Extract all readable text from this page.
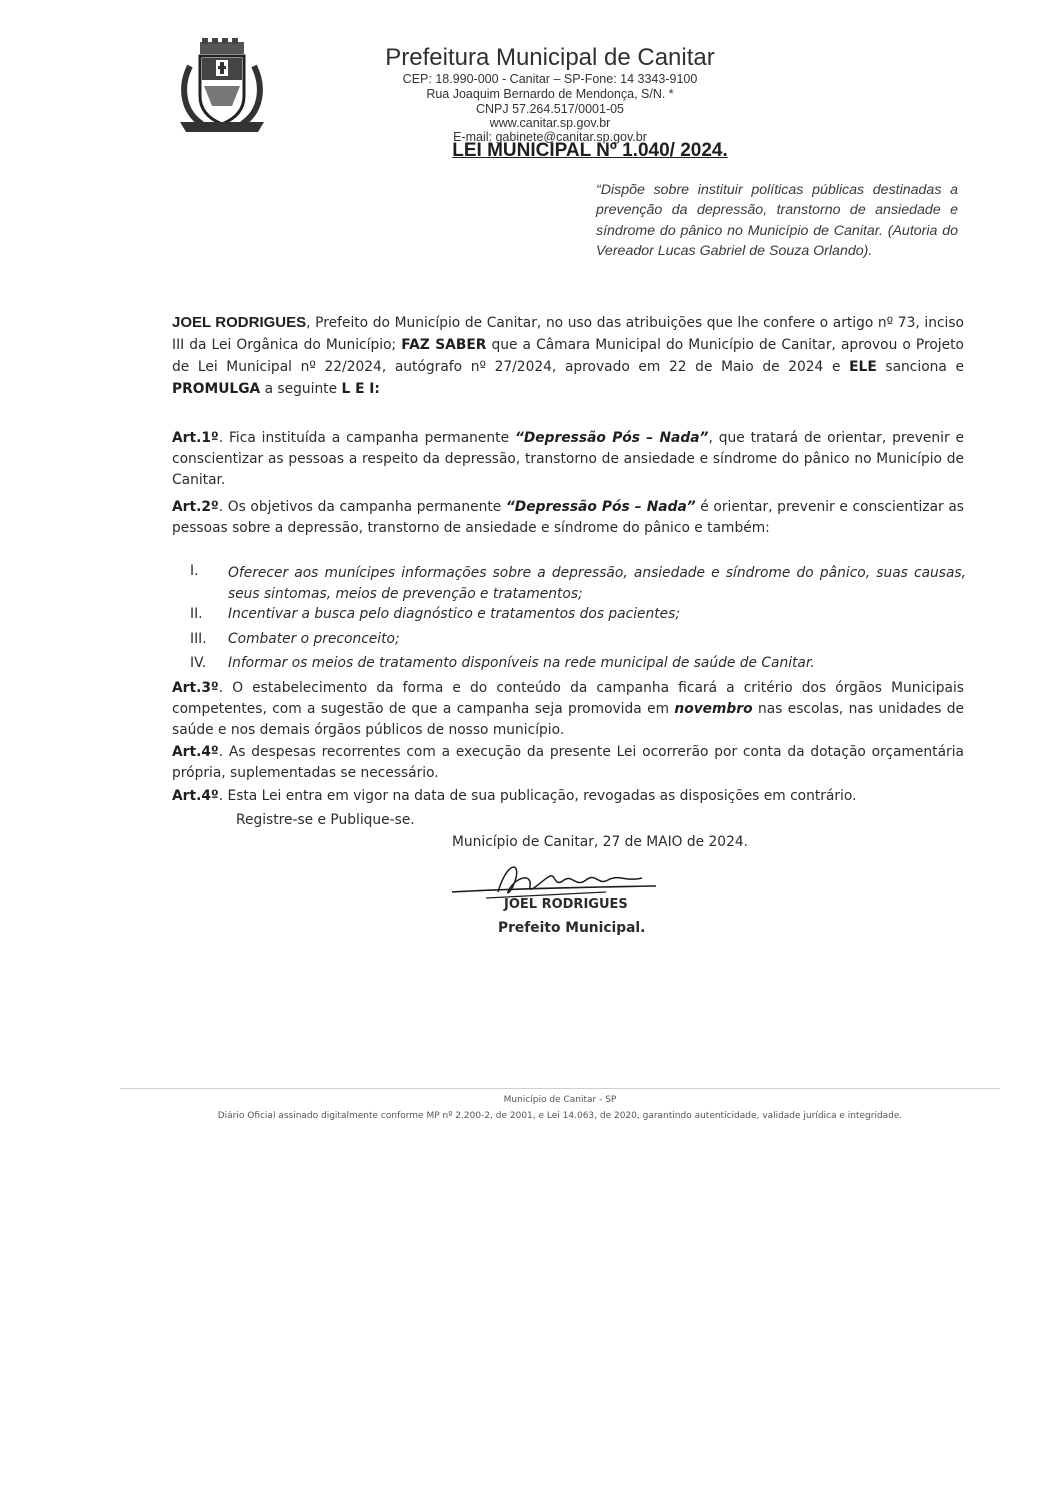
Prefeitura Municipal de Canitar
CEP: 18.990-000 - Canitar – SP-Fone: 14 3343-9100
Rua Joaquim Bernardo de Mendonça, S/N. *
CNPJ 57.264.517/0001-05
www.canitar.sp.gov.br
E-mail: gabinete@canitar.sp.gov.br
LEI MUNICIPAL Nº 1.040/ 2024.
“Dispõe sobre instituir políticas públicas destinadas a prevenção da depressão, transtorno de ansiedade e síndrome do pânico no Município de Canitar. (Autoria do Vereador Lucas Gabriel de Souza Orlando).
JOEL RODRIGUES, Prefeito do Município de Canitar, no uso das atribuições que lhe confere o artigo nº 73, inciso III da Lei Orgânica do Município; FAZ SABER que a Câmara Municipal do Município de Canitar, aprovou o Projeto de Lei Municipal nº 22/2024, autógrafo nº 27/2024, aprovado em 22 de Maio de 2024 e ELE sanciona e PROMULGA a seguinte L E I:
Art.1º. Fica instituída a campanha permanente “Depressão Pós – Nada”, que tratará de orientar, prevenir e conscientizar as pessoas a respeito da depressão, transtorno de ansiedade e síndrome do pânico no Município de Canitar.
Art.2º. Os objetivos da campanha permanente “Depressão Pós – Nada” é orientar, prevenir e conscientizar as pessoas sobre a depressão, transtorno de ansiedade e síndrome do pânico e também:
I. Oferecer aos munícipes informações sobre a depressão, ansiedade e síndrome do pânico, suas causas, seus sintomas, meios de prevenção e tratamentos;
II. Incentivar a busca pelo diagnóstico e tratamentos dos pacientes;
III. Combater o preconceito;
IV. Informar os meios de tratamento disponíveis na rede municipal de saúde de Canitar.
Art.3º. O estabelecimento da forma e do conteúdo da campanha ficará a critério dos órgãos Municipais competentes, com a sugestão de que a campanha seja promovida em novembro nas escolas, nas unidades de saúde e nos demais órgãos públicos de nosso município.
Art.4º. As despesas recorrentes com a execução da presente Lei ocorrerão por conta da dotação orçamentária própria, suplementadas se necessário.
Art.4º. Esta Lei entra em vigor na data de sua publicação, revogadas as disposições em contrário.
Registre-se e Publique-se.
Município de Canitar, 27 de MAIO de 2024.
JOEL RODRIGUES
Prefeito Municipal.
Município de Canitar - SP
Diário Oficial assinado digitalmente conforme MP nº 2.200-2, de 2001, e Lei 14.063, de 2020, garantindo autenticidade, validade jurídica e integridade.
